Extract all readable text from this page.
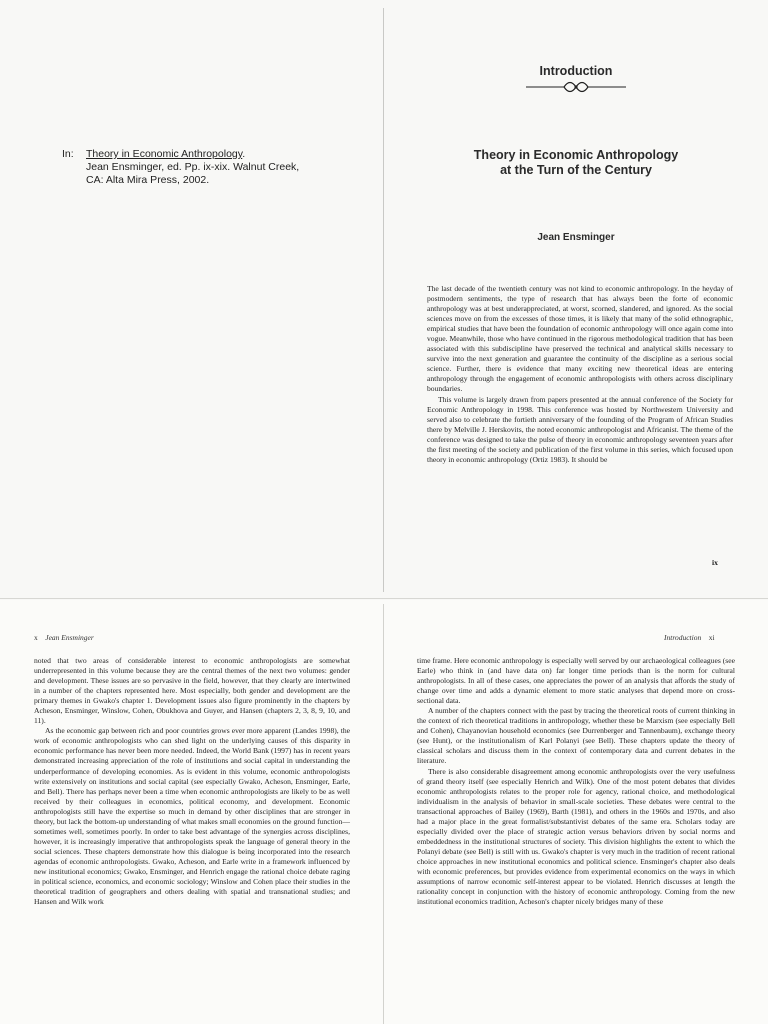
In: Theory in Economic Anthropology.
Jean Ensminger, ed. Pp. ix-xix. Walnut Creek,
CA: Alta Mira Press, 2002.
Introduction
Theory in Economic Anthropology
at the Turn of the Century
Jean Ensminger

The last decade of the twentieth century was not kind to economic anthropology. In the heyday of postmodern sentiments, the type of research that has always been the forte of economic anthropology was at best underappreciated, at worst, scorned, slandered, and ignored. As the social sciences move on from the excesses of those times, it is likely that many of the solid ethnographic, empirical studies that have been the foundation of economic anthropology will once again come into vogue. Meanwhile, those who have continued in the rigorous methodological tradition that has been associated with this subdiscipline have preserved the technical and analytical skills necessary to survive into the next generation and guarantee the continuity of the discipline as a serious social science. Further, there is evidence that many exciting new theoretical ideas are entering anthropology through the engagement of economic anthropologists with others across disciplinary boundaries.

This volume is largely drawn from papers presented at the annual conference of the Society for Economic Anthropology in 1998. This conference was hosted by Northwestern University and served also to celebrate the fortieth anniversary of the founding of the Program of African Studies there by Melville J. Herskovits, the noted economic anthropologist and Africanist. The theme of the conference was designed to take the pulse of theory in economic anthropology seventeen years after the first meeting of the society and publication of the first volume in this series, which focused upon theory in economic anthropology (Ortiz 1983). It should be

ix
x Jean Ensminger

noted that two areas of considerable interest to economic anthropologists are somewhat underrepresented in this volume because they are the central themes of the next two volumes: gender and development. These issues are so pervasive in the field, however, that they clearly are intertwined in a number of the chapters represented here. Most especially, both gender and development are the primary themes in Gwako's chapter 1. Development issues also figure prominently in the chapters by Acheson, Ensminger, Winslow, Cohen, Obukhova and Guyer, and Hansen (chapters 2, 3, 8, 9, 10, and 11).

As the economic gap between rich and poor countries grows ever more apparent (Landes 1998), the work of economic anthropologists who can shed light on the underlying causes of this disparity in economic performance has never been more needed. Indeed, the World Bank (1997) has in recent years demonstrated increasing appreciation of the role of institutions and social capital in understanding the underperformance of developing economies. As is evident in this volume, economic anthropologists write extensively on institutions and social capital (see especially Gwako, Acheson, Ensminger, Earle, and Bell). There has perhaps never been a time when economic anthropologists are likely to be as well received by their colleagues in economics, political economy, and development. Economic anthropologists still have the expertise so much in demand by other disciplines that are stronger in theory, but lack the bottom-up understanding of what makes small economies on the ground function—sometimes well, sometimes poorly. In order to take best advantage of the synergies across disciplines, however, it is increasingly imperative that anthropologists speak the language of general theory in the social sciences. These chapters demonstrate how this dialogue is being incorporated into the research agendas of economic anthropologists. Gwako, Acheson, and Earle write in a framework influenced by new institutional economics; Gwako, Ensminger, and Henrich engage the rational choice debate raging in political science, economics, and economic sociology; Winslow and Cohen place their studies in the theoretical tradition of geographers and others dealing with spatial and transnational studies; and Hansen and Wilk work

Introduction xi

time frame. Here economic anthropology is especially well served by our archaeological colleagues (see Earle) who think in (and have data on) far longer time periods than is the norm for cultural anthropologists. In all of these cases, one appreciates the power of an analysis that affords the study of change over time and adds a dynamic element to more static analyses that depend more on cross-sectional data.

A number of the chapters connect with the past by tracing the theoretical roots of current thinking in the context of rich theoretical traditions in anthropology, whether these be Marxism (see especially Bell and Cohen), Chayanovian household economics (see Durrenberger and Tannenbaum), exchange theory (see Hunt), or the institutionalism of Karl Polanyi (see Bell). These chapters update the theory of classical scholars and discuss them in the context of contemporary data and current debates in the literature.

There is also considerable disagreement among economic anthropologists over the very usefulness of grand theory itself (see especially Henrich and Wilk). One of the most potent debates that divides economic anthropologists relates to the proper role for agency, rational choice, and methodological individualism in the analysis of behavior in small-scale societies. These debates were central to the transactional approaches of Bailey (1969), Barth (1981), and others in the 1960s and 1970s, and also had a major place in the great formalist/substantivist debates of the same era. Scholars today are especially divided over the place of strategic action versus behaviors driven by social norms and embeddedness in the institutional structures of society. This division highlights the extent to which the Polanyi debate (see Bell) is still with us. Gwako's chapter is very much in the tradition of recent rational choice approaches in new institutional economics and political science. Ensminger's chapter also deals with economic preferences, but provides evidence from experimental economics on the ways in which assumptions of narrow economic self-interest appear to be violated. Henrich discusses at length the rationality concept in conjunction with the history of economic anthropology. Coming from the new institutional economics tradition, Acheson's chapter nicely bridges many of these
